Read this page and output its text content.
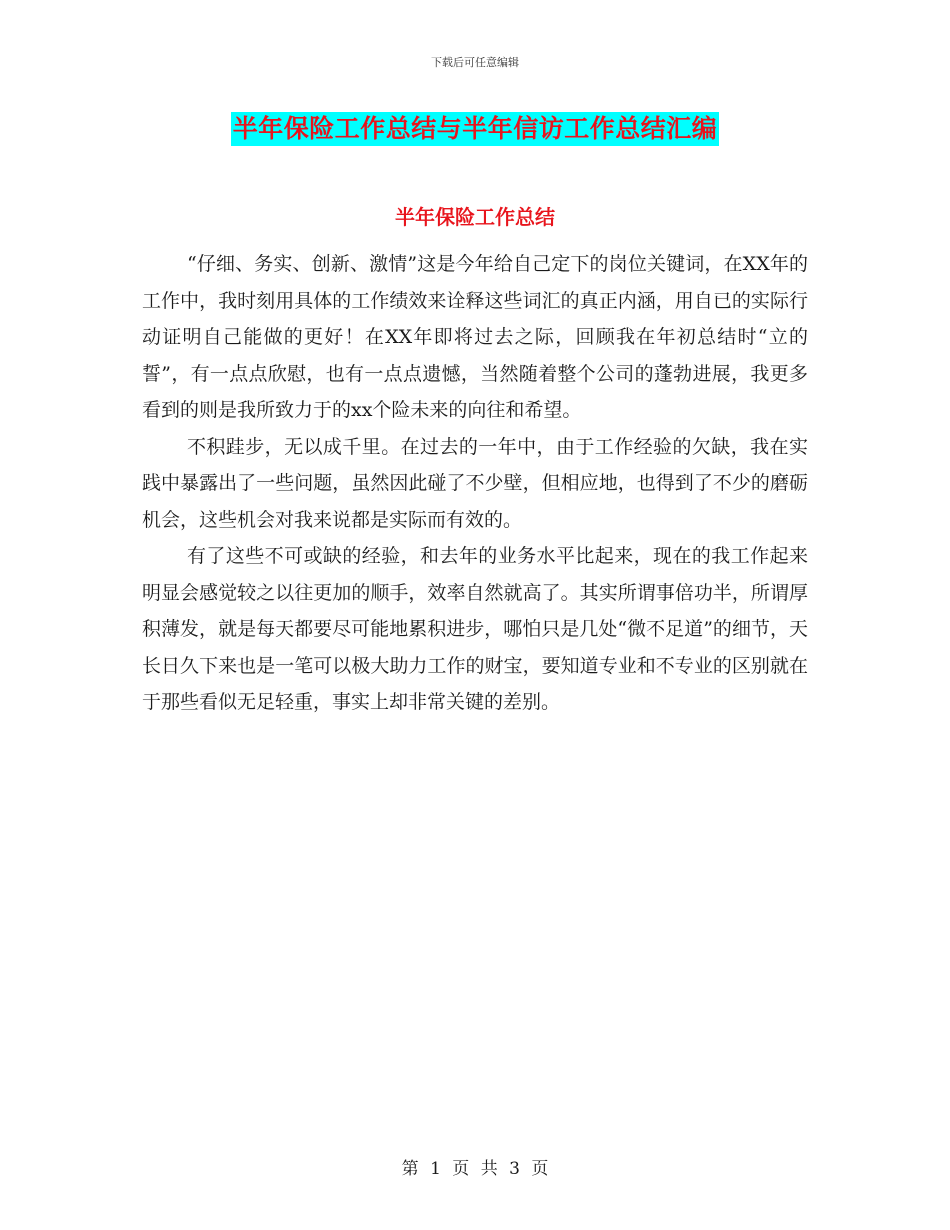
下载后可任意编辑
半年保险工作总结与半年信访工作总结汇编
半年保险工作总结

“仔细、务实、创新、激情”这是今年给自己定下的岗位关键词，在XX年的工作中，我时刻用具体的工作绩效来诠释这些词汇的真正内涵，用自已的实际行动证明自己能做的更好！在XX年即将过去之际，回顾我在年初总结时“立的誓”，有一点点欣慰，也有一点点遗憾，当然随着整个公司的蓬勃进展，我更多看到的则是我所致力于的xx个险未来的向往和希望。

不积跬步，无以成千里。在过去的一年中，由于工作经验的欠缺，我在实践中暴露出了一些问题，虽然因此碰了不少壁，但相应地，也得到了不少的磨砺机会，这些机会对我来说都是实际而有效的。

有了这些不可或缺的经验，和去年的业务水平比起来，现在的我工作起来明显会感觉较之以往更加的顺手，效率自然就高了。其实所谓事倍功半，所谓厚积薄发，就是每天都要尽可能地累积进步，哪怕只是几处“微不足道”的细节，天长日久下来也是一笔可以极大助力工作的财宝，要知道专业和不专业的区别就在于那些看似无足轻重，事实上却非常关键的差别。

第 1 页 共 3 页
